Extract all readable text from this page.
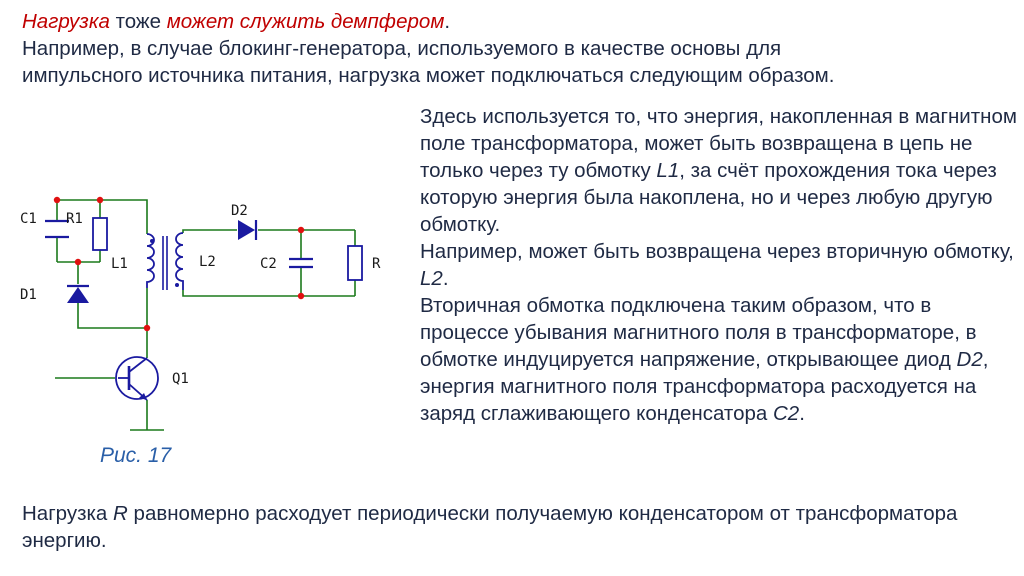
Нагрузка тоже может служить демпфером.
Например, в случае блокинг-генератора, используемого в качестве основы для
импульсного источника питания, нагрузка может подключаться следующим образом.
Здесь используется то, что энергия, накопленная в магнитном поле трансформатора, может быть возвращена в цепь не только через ту обмотку L1, за счёт прохождения тока через которую энергия была накоплена, но и через любую другую обмотку.
Например, может быть возвращена через вторичную обмотку, L2.
Вторичная обмотка подключена таким образом, что в процессе убывания магнитного поля в трансформаторе, в обмотке индуцируется напряжение, открывающее диод D2, энергия магнитного поля трансформатора расходуется на заряд сглаживающего конденсатора C2.
C1 R1
D1
L1	L2
D2
C2	R
Q1
Рис. 17
Нагрузка R равномерно расходует периодически получаемую конденсатором от трансформатора энергию.
